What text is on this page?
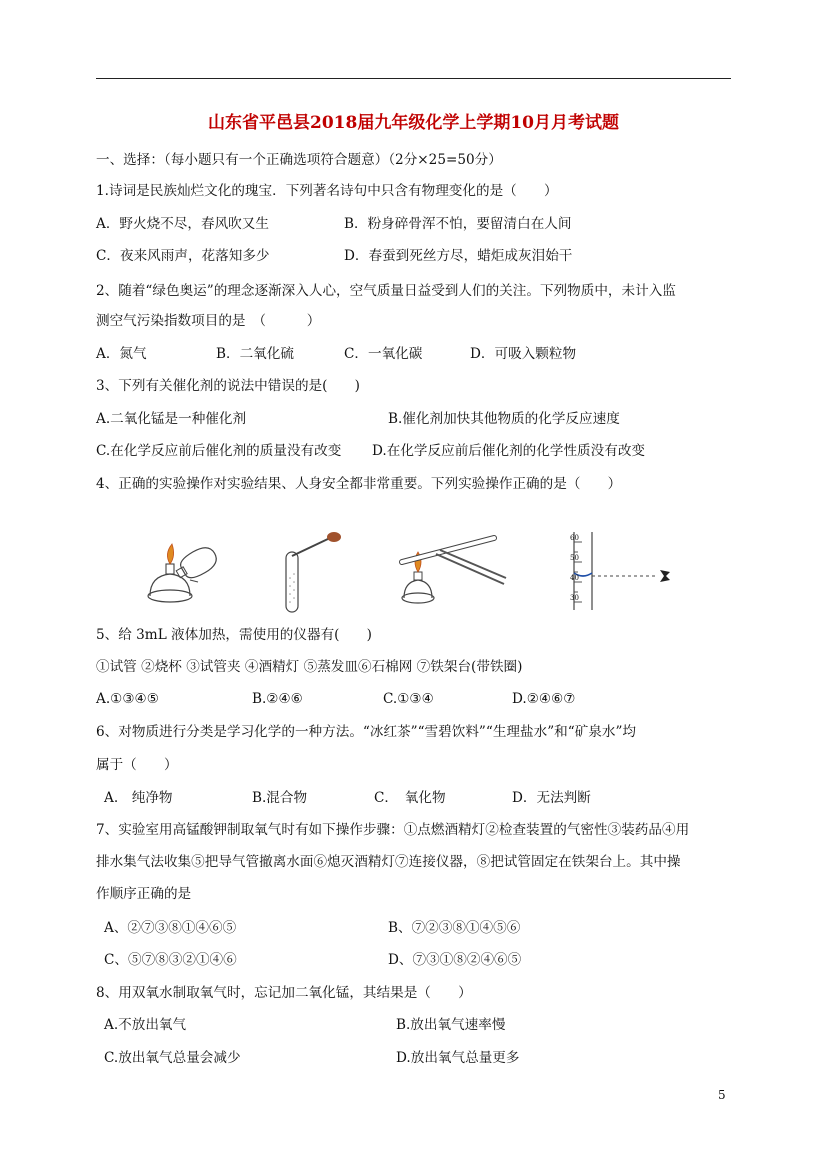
山东省平邑县2018届九年级化学上学期10月月考试题
一、选择：（每小题只有一个正确选项符合题意）（2分×25=50分）
1.诗词是民族灿烂文化的瑰宝．下列著名诗句中只含有物理变化的是（　　）
A．野火烧不尽，春风吹又生	B．粉身碎骨浑不怕，要留清白在人间
C．夜来风雨声，花落知多少	D．春蚕到死丝方尽，蜡炬成灰泪始干
2、随着“绿色奥运”的理念逐渐深入人心，空气质量日益受到人们的关注。下列物质中，未计入监
测空气污染指数项目的是　（　　　）
A．氮气	B．二氧化硫	C．一氧化碳	D．可吸入颗粒物
3、下列有关催化剂的说法中错误的是(　　)
A.二氧化锰是一种催化剂	B.催化剂加快其他物质的化学反应速度
C.在化学反应前后催化剂的质量没有改变 D.在化学反应前后催化剂的化学性质没有改变
4、正确的实验操作对实验结果、人身安全都非常重要。下列实验操作正确的是（　　）
60
50
40
30
5、给 3mL 液体加热，需使用的仪器有(　　)
①试管 ②烧杯 ③试管夹 ④酒精灯 ⑤蒸发皿⑥石棉网 ⑦铁架台(带铁圈)
A.①③④⑤	B.②④⑥	C.①③④	D.②④⑥⑦
6、对物质进行分类是学习化学的一种方法。“冰红茶”“雪碧饮料”“生理盐水”和“矿泉水”均
属于（　　）
A.　纯净物	B.混合物	C．　氧化物	D．无法判断
7、实验室用高锰酸钾制取氧气时有如下操作步骤：①点燃酒精灯②检查装置的气密性③装药品④用
排水集气法收集⑤把导气管撤离水面⑥熄灭酒精灯⑦连接仪器，⑧把试管固定在铁架台上。其中操
作顺序正确的是
A、②⑦③⑧①④⑥⑤	B、⑦②③⑧①④⑤⑥
C、⑤⑦⑧③②①④⑥	D、⑦③①⑧②④⑥⑤
8、用双氧水制取氧气时，忘记加二氧化锰，其结果是（　　）
A.不放出氧气	B.放出氧气速率慢
C.放出氧气总量会减少	D.放出氧气总量更多
5
